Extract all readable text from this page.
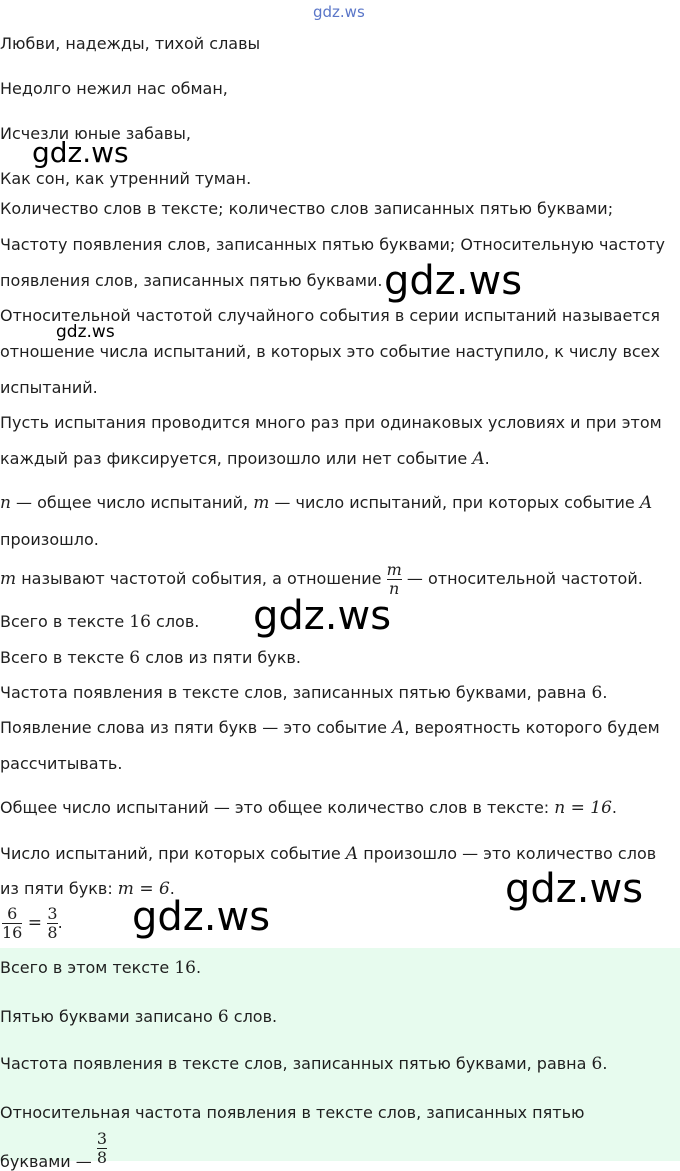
gdz.ws
Любви, надежды, тихой славы
Недолго нежил нас обман,
Исчезли юные забавы,
Как сон, как утренний туман.
Количество слов в тексте; количество слов записанных пятью буквами;
Частоту появления слов, записанных пятью буквами; Относительную частоту
появления слов, записанных пятью буквами.
Относительной частотой случайного события в серии испытаний называется
отношение числа испытаний, в которых это событие наступило, к числу всех
испытаний.
Пусть испытания проводится много раз при одинаковых условиях и при этом
каждый раз фиксируется, произошло или нет событие A.
n — общее число испытаний, m — число испытаний, при которых событие A
произошло.
m называют частотой события, а отношение $\frac{m}{n}$ — относительной частотой.
Всего в тексте 16 слов.
Всего в тексте 6 слов из пяти букв.
Частота появления в тексте слов, записанных пятью буквами, равна 6.
Появление слова из пяти букв — это событие A, вероятность которого будем
рассчитывать.
Общее число испытаний — это общее количество слов в тексте: n = 16.
Число испытаний, при которых событие A произошло — это количество слов
из пяти букв: m = 6.
$\frac{6}{16} = \frac{3}{8}$ .
Всего в этом тексте 16.
Пятью буквами записано 6 слов.
Частота появления в тексте слов, записанных пятью буквами, равна 6.
Относительная частота появления в тексте слов, записанных пятью
буквами — $\frac{3}{8}$
gdz.ws
gdz.ws
gdz.ws
gdz.ws
gdz.ws
gdz.ws
